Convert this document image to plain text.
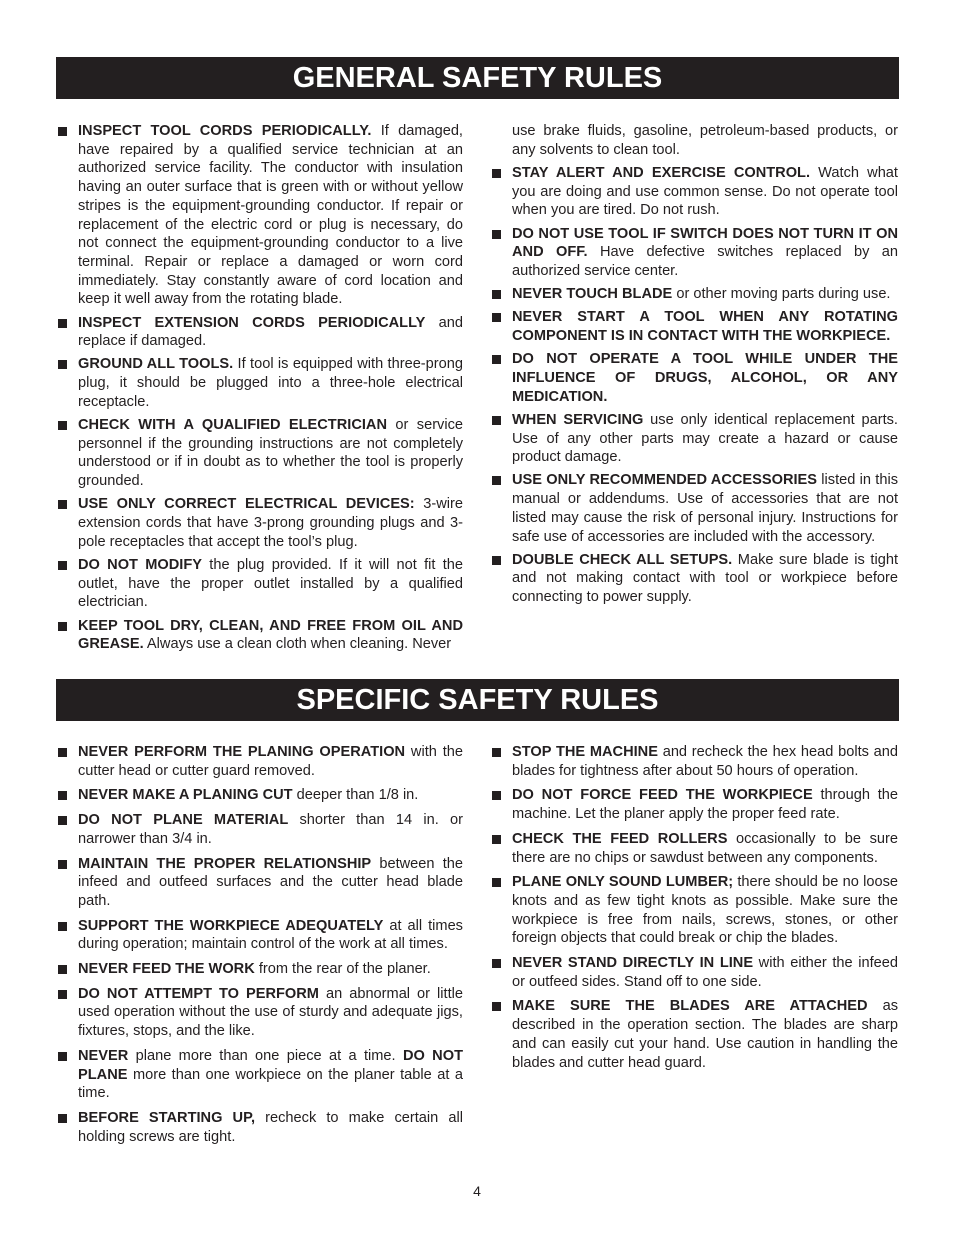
GENERAL SAFETY RULES
INSPECT TOOL CORDS PERIODICALLY. If damaged, have repaired by a qualified service technician at an authorized service facility. The conductor with insulation having an outer surface that is green with or without yellow stripes is the equipment-grounding conductor. If repair or replacement of the electric cord or plug is necessary, do not connect the equipment-grounding conductor to a live terminal. Repair or replace a damaged or worn cord immediately. Stay constantly aware of cord location and keep it well away from the rotating blade.
INSPECT EXTENSION CORDS PERIODICALLY and replace if damaged.
GROUND ALL TOOLS. If tool is equipped with three-prong plug, it should be plugged into a three-hole electrical receptacle.
CHECK WITH A QUALIFIED ELECTRICIAN or service personnel if the grounding instructions are not completely understood or if in doubt as to whether the tool is properly grounded.
USE ONLY CORRECT ELECTRICAL DEVICES: 3-wire extension cords that have 3-prong grounding plugs and 3-pole receptacles that accept the tool’s plug.
DO NOT MODIFY the plug provided. If it will not fit the outlet, have the proper outlet installed by a qualified electrician.
KEEP TOOL DRY, CLEAN, AND FREE FROM OIL AND GREASE. Always use a clean cloth when cleaning. Never
use brake fluids, gasoline, petroleum-based products, or any solvents to clean tool.
STAY ALERT AND EXERCISE CONTROL. Watch what you are doing and use common sense. Do not operate tool when you are tired. Do not rush.
DO NOT USE TOOL IF SWITCH DOES NOT TURN IT ON AND OFF. Have defective switches replaced by an authorized service center.
NEVER TOUCH BLADE or other moving parts during use.
NEVER START A TOOL WHEN ANY ROTATING COMPONENT IS IN CONTACT WITH THE WORKPIECE.
DO NOT OPERATE A TOOL WHILE UNDER THE INFLUENCE OF DRUGS, ALCOHOL, OR ANY MEDICATION.
WHEN SERVICING use only identical replacement parts. Use of any other parts may create a hazard or cause product damage.
USE ONLY RECOMMENDED ACCESSORIES listed in this manual or addendums. Use of accessories that are not listed may cause the risk of personal injury. Instructions for safe use of accessories are included with the accessory.
DOUBLE CHECK ALL SETUPS. Make sure blade is tight and not making contact with tool or workpiece before connecting to power supply.
SPECIFIC SAFETY RULES
NEVER PERFORM THE PLANING OPERATION with the cutter head or cutter guard removed.
NEVER MAKE A PLANING CUT deeper than 1/8 in.
DO NOT PLANE MATERIAL shorter than 14 in. or narrower than 3/4 in.
MAINTAIN THE PROPER RELATIONSHIP between the infeed and outfeed surfaces and the cutter head blade path.
SUPPORT THE WORKPIECE ADEQUATELY at all times during operation; maintain control of the work at all times.
NEVER FEED THE WORK from the rear of the planer.
DO NOT ATTEMPT TO PERFORM an abnormal or little used operation without the use of sturdy and adequate jigs, fixtures, stops, and the like.
NEVER plane more than one piece at a time. DO NOT PLANE more than one workpiece on the planer table at a time.
BEFORE STARTING UP, recheck to make certain all holding screws are tight.
STOP THE MACHINE and recheck the hex head bolts and blades for tightness after about 50 hours of operation.
DO NOT FORCE FEED THE WORKPIECE through the machine. Let the planer apply the proper feed rate.
CHECK THE FEED ROLLERS occasionally to be sure there are no chips or sawdust between any components.
PLANE ONLY SOUND LUMBER; there should be no loose knots and as few tight knots as possible. Make sure the workpiece is free from nails, screws, stones, or other foreign objects that could break or chip the blades.
NEVER STAND DIRECTLY IN LINE with either the infeed or outfeed sides. Stand off to one side.
MAKE SURE THE BLADES ARE ATTACHED as described in the operation section. The blades are sharp and can easily cut your hand. Use caution in handling the blades and cutter head guard.
4
